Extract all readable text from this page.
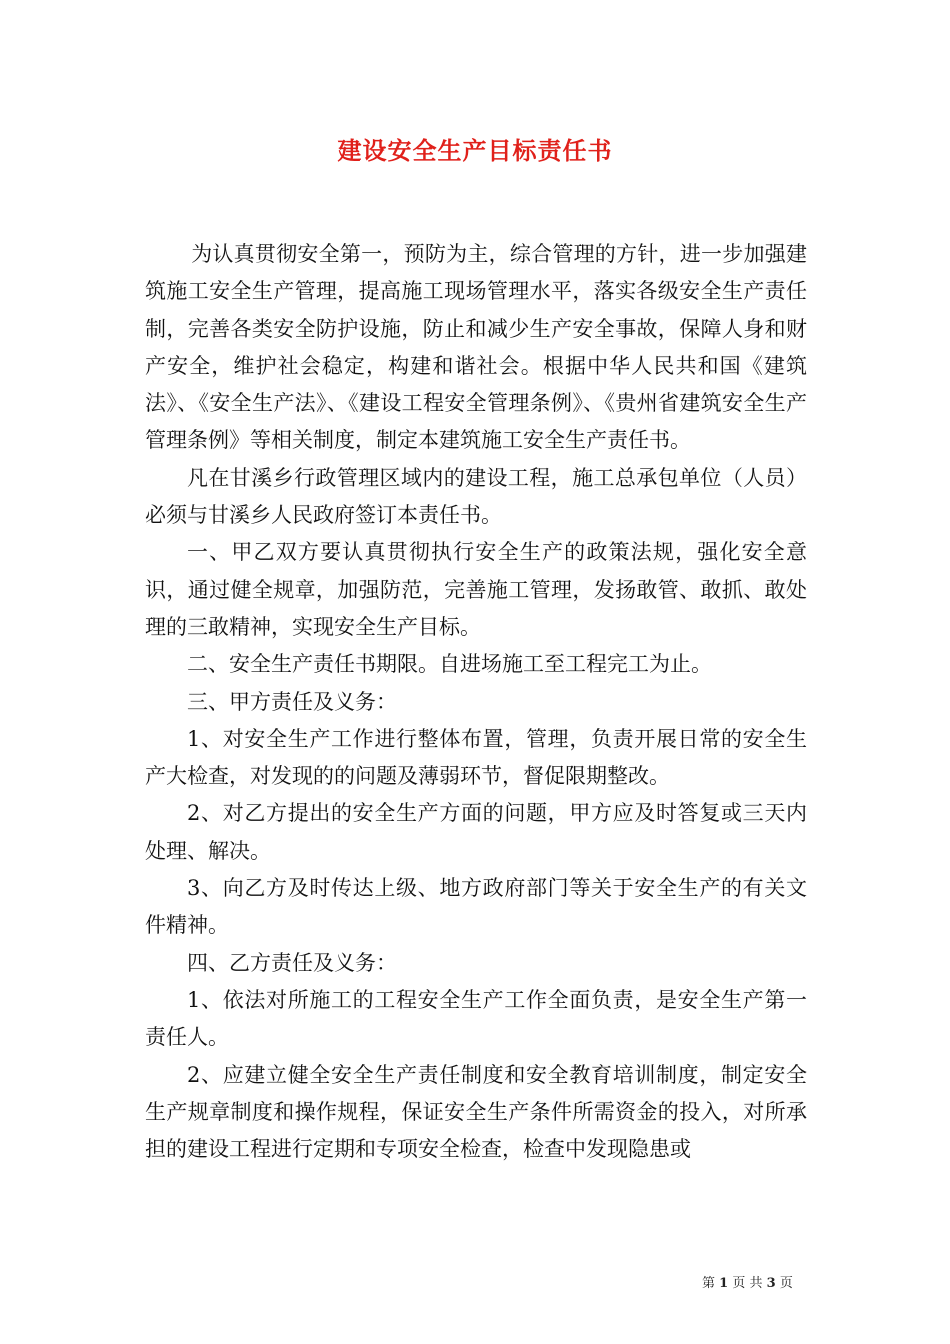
建设安全生产目标责任书

为认真贯彻安全第一，预防为主，综合管理的方针，进一步加强建筑施工安全生产管理，提高施工现场管理水平，落实各级安全生产责任制，完善各类安全防护设施，防止和减少生产安全事故，保障人身和财产安全，维护社会稳定，构建和谐社会。根据中华人民共和国《建筑法》、《安全生产法》、《建设工程安全管理条例》、《贵州省建筑安全生产管理条例》等相关制度，制定本建筑施工安全生产责任书。

凡在甘溪乡行政管理区域内的建设工程，施工总承包单位（人员）必须与甘溪乡人民政府签订本责任书。

一、甲乙双方要认真贯彻执行安全生产的政策法规，强化安全意识，通过健全规章，加强防范，完善施工管理，发扬敢管、敢抓、敢处理的三敢精神，实现安全生产目标。

二、安全生产责任书期限。自进场施工至工程完工为止。

三、甲方责任及义务：

1、对安全生产工作进行整体布置，管理，负责开展日常的安全生产大检查，对发现的的问题及薄弱环节，督促限期整改。

2、对乙方提出的安全生产方面的问题，甲方应及时答复或三天内处理、解决。

3、向乙方及时传达上级、地方政府部门等关于安全生产的有关文件精神。

四、乙方责任及义务：

1、依法对所施工的工程安全生产工作全面负责，是安全生产第一责任人。

2、应建立健全安全生产责任制度和安全教育培训制度，制定安全生产规章制度和操作规程，保证安全生产条件所需资金的投入，对所承担的建设工程进行定期和专项安全检查，检查中发现隐患或

第 1 页 共 3 页
